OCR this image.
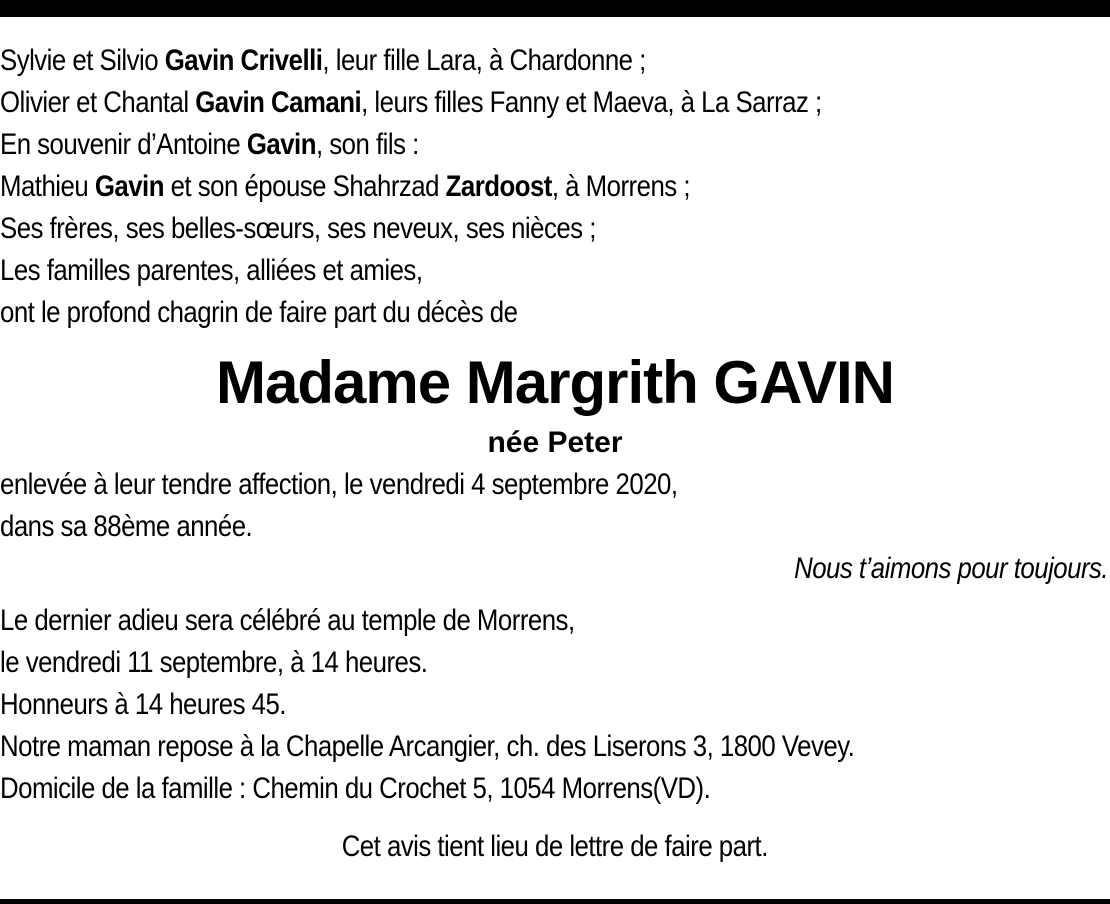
Sylvie et Silvio Gavin Crivelli, leur fille Lara, à Chardonne ;
Olivier et Chantal Gavin Camani, leurs filles Fanny et Maeva, à La Sarraz ;
En souvenir d’Antoine Gavin, son fils :
Mathieu Gavin et son épouse Shahrzad Zardoost, à Morrens ;
Ses frères, ses belles-sœurs, ses neveux, ses nièces ;
Les familles parentes, alliées et amies,
ont le profond chagrin de faire part du décès de
Madame Margrith GAVIN
née Peter
enlevée à leur tendre affection, le vendredi 4 septembre 2020,
dans sa 88ème année.
Nous t’aimons pour toujours.
Le dernier adieu sera célébré au temple de Morrens,
le vendredi 11 septembre, à 14 heures.
Honneurs à 14 heures 45.
Notre maman repose à la Chapelle Arcangier, ch. des Liserons 3, 1800 Vevey.
Domicile de la famille : Chemin du Crochet 5, 1054 Morrens(VD).
Cet avis tient lieu de lettre de faire part.
